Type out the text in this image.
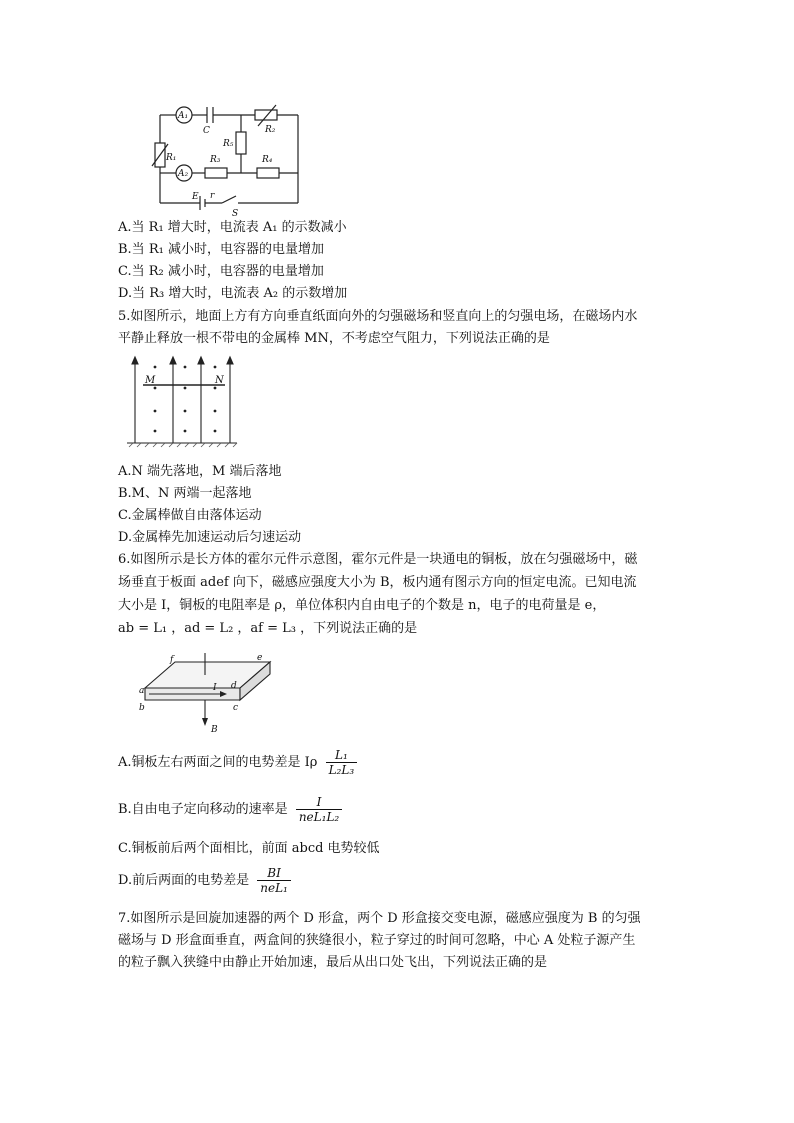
A₁
A₂
C	R₂
R₁
R₅
R₃	R₄
E r
S
A.当 R₁ 增大时，电流表 A₁ 的示数减小
B.当 R₁ 减小时，电容器的电量增加
C.当 R₂ 减小时，电容器的电量增加
D.当 R₃ 增大时，电流表 A₂ 的示数增加
5.如图所示，地面上方有方向垂直纸面向外的匀强磁场和竖直向上的匀强电场，在磁场内水
平静止释放一根不带电的金属棒 MN，不考虑空气阻力，下列说法正确的是
M	N
A.N 端先落地，M 端后落地
B.M、N 两端一起落地
C.金属棒做自由落体运动
D.金属棒先加速运动后匀速运动
6.如图所示是长方体的霍尔元件示意图，霍尔元件是一块通电的铜板，放在匀强磁场中，磁
场垂直于板面 adef 向下，磁感应强度大小为 B，板内通有图示方向的恒定电流。已知电流
大小是 I，铜板的电阻率是 ρ，单位体积内自由电子的个数是 n，电子的电荷量是 e，
ab = L₁ ，ad = L₂ ，af = L₃ ，下列说法正确的是
f	e
a	d
b	c
I
B
A.铜板左右两面之间的电势差是 Iρ $\frac{\text{L₁}}{\text{L₂L₃}}$
B.自由电子定向移动的速率是 $\frac{I}{\text{neL₁L₂}}$
C.铜板前后两个面相比，前面 abcd 电势较低
D.前后两面的电势差是 $\frac{BI}{\text{neL₁}}$
7.如图所示是回旋加速器的两个 D 形盒，两个 D 形盒接交变电源，磁感应强度为 B 的匀强
磁场与 D 形盒面垂直，两盒间的狭缝很小，粒子穿过的时间可忽略，中心 A 处粒子源产生
的粒子飘入狭缝中由静止开始加速，最后从出口处飞出，下列说法正确的是
